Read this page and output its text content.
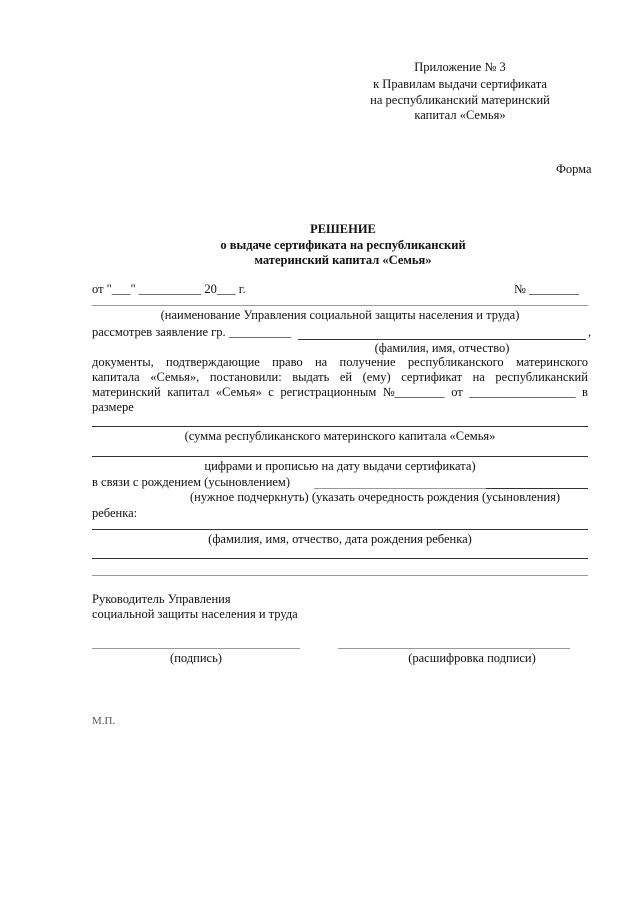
Приложение № 3
к Правилам выдачи сертификата
на республиканский материнский
капитал «Семья»
Форма
РЕШЕНИЕ
о выдаче сертификата на республиканский
материнский капитал «Семья»
от "___" __________ 20___ г.	№ ________
(наименование Управления социальной защиты населения и труда)
рассмотрев заявление гр. __________	,
(фамилия, имя, отчество)
документы, подтверждающие право на получение республиканского материнского
капитала «Семья», постановили: выдать ей (ему) сертификат на республиканский
материнский капитал «Семья» с регистрационным №________ от _________________ в
размере
(сумма республиканского материнского капитала «Семья»
цифрами и прописью на дату выдачи сертификата)
в связи с рождением (усыновлением)
(нужное подчеркнуть) (указать очередность рождения (усыновления)
ребенка:
(фамилия, имя, отчество, дата рождения ребенка)
Руководитель Управления
социальной защиты населения и труда
(подпись)	(расшифровка подписи)
М.П.
